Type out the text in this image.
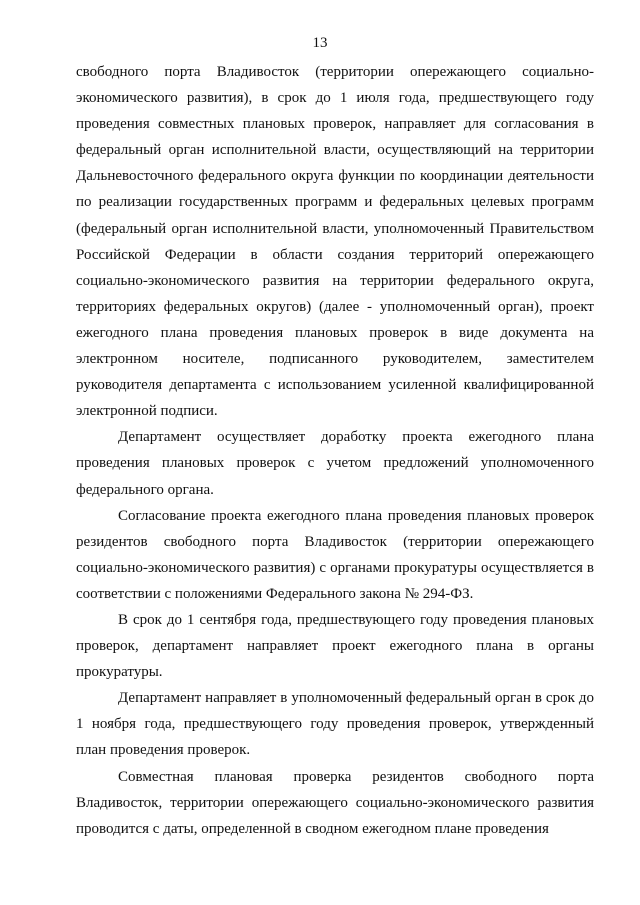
13

свободного порта Владивосток (территории опережающего социально-экономического развития), в срок до 1 июля года, предшествующего году проведения совместных плановых проверок, направляет для согласования в федеральный орган исполнительной власти, осуществляющий на территории Дальневосточного федерального округа функции по координации деятельности по реализации государственных программ и федеральных целевых программ (федеральный орган исполнительной власти, уполномоченный Правительством Российской Федерации в области создания территорий опережающего социально-экономического развития на территории федерального округа, территориях федеральных округов) (далее - уполномоченный орган), проект ежегодного плана проведения плановых проверок в виде документа на электронном носителе, подписанного руководителем, заместителем руководителя департамента с использованием усиленной квалифицированной электронной подписи.

Департамент осуществляет доработку проекта ежегодного плана проведения плановых проверок с учетом предложений уполномоченного федерального органа.

Согласование проекта ежегодного плана проведения плановых проверок резидентов свободного порта Владивосток (территории опережающего социально-экономического развития) с органами прокуратуры осуществляется в соответствии с положениями Федерального закона № 294-ФЗ.

В срок до 1 сентября года, предшествующего году проведения плановых проверок, департамент направляет проект ежегодного плана в органы прокуратуры.

Департамент направляет в уполномоченный федеральный орган в срок до 1 ноября года, предшествующего году проведения проверок, утвержденный план проведения проверок.

Совместная плановая проверка резидентов свободного порта Владивосток, территории опережающего социально-экономического развития проводится с даты, определенной в сводном ежегодном плане проведения
